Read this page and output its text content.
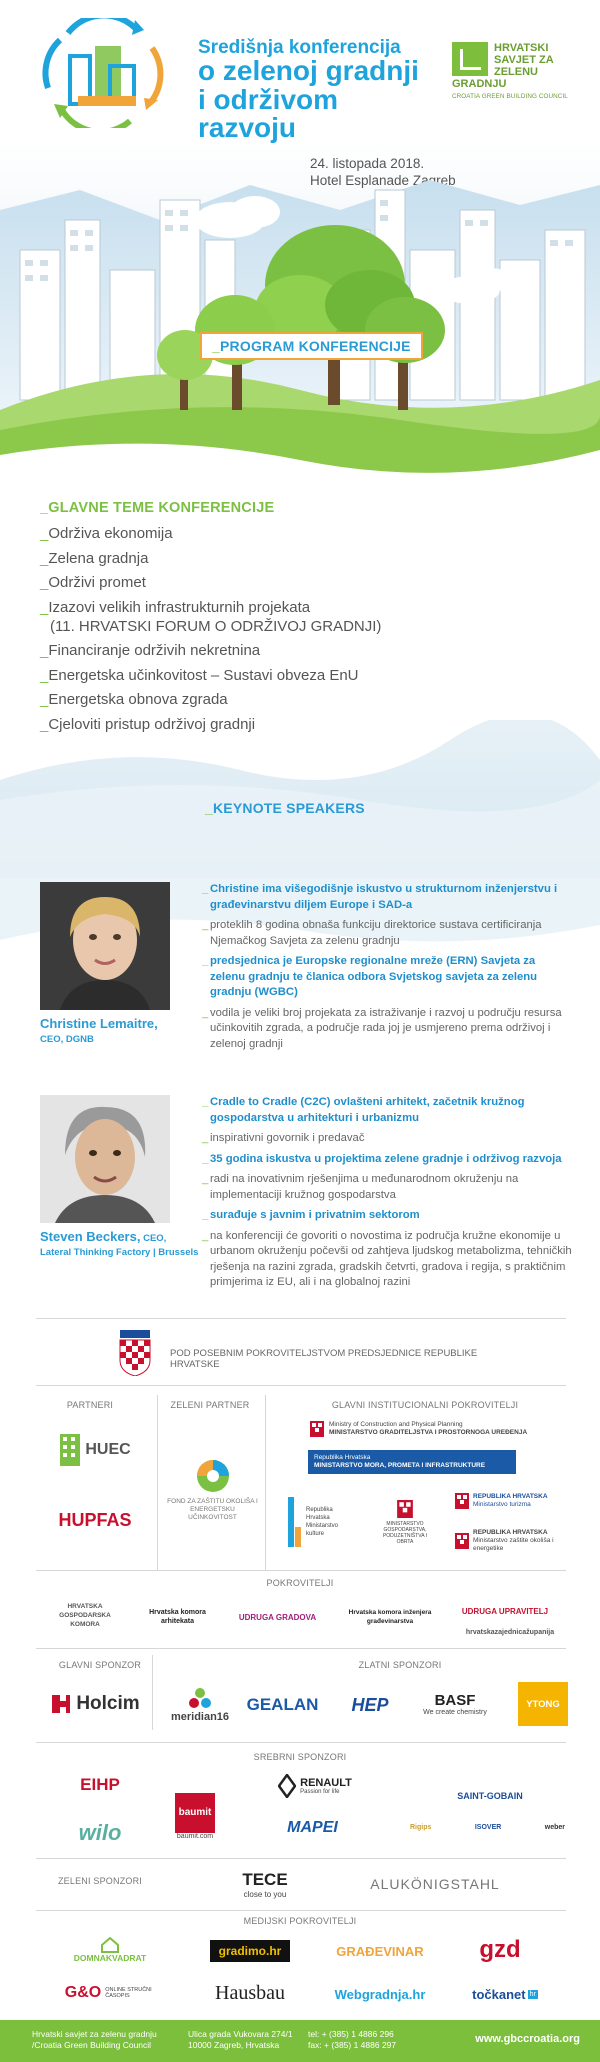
Središnja konferencija
o zelenoj gradnji
i održivom razvoju
HRVATSKI
SAVJET ZA
ZELENU
GRADNJU
CROATIA GREEN BUILDING COUNCIL
24. listopada 2018.
Hotel Esplanade Zagreb
_PROGRAM KONFERENCIJE
_GLAVNE TEME KONFERENCIJE
_Održiva ekonomija
_Zelena gradnja
_Održivi promet
_Izazovi velikih infrastrukturnih projekata
(11. HRVATSKI FORUM O ODRŽIVOJ GRADNJI)
_Financiranje održivih nekretnina
_Energetska učinkovitost – Sustavi obveza EnU
_Energetska obnova zgrada
_Cjeloviti pristup održivoj gradnji
_KEYNOTE SPEAKERS
Christine Lemaitre,
CEO, DGNB
_ Christine ima višegodišnje iskustvo u strukturnom inženjerstvu i građevinarstvu diljem Europe i SAD-a
_ proteklih 8 godina obnaša funkciju direktorice sustava certificiranja Njemačkog Savjeta za zelenu gradnju
_ predsjednica je Europske regionalne mreže (ERN) Savjeta za zelenu gradnju te članica odbora Svjetskog savjeta za zelenu gradnju (WGBC)
_ vodila je veliki broj projekata za istraživanje i razvoj u području resursa učinkovitih zgrada, a područje rada joj je usmjereno prema održivoj i zelenoj gradnji
Steven Beckers, CEO,
Lateral Thinking Factory | Brussels
_ Cradle to Cradle (C2C) ovlašteni arhitekt, začetnik kružnog gospodarstva u arhitekturi i urbanizmu
_ inspirativni govornik i predavač
_ 35 godina iskustva u projektima zelene gradnje i održivog razvoja
_ radi na inovativnim rješenjima u međunarodnom okruženju na implementaciji kružnog gospodarstva
_ surađuje s javnim i privatnim sektorom
_ na konferenciji će govoriti o novostima iz područja kružne ekonomije u urbanom okruženju počevši od zahtjeva ljudskog metabolizma, tehničkih rješenja na razini zgrada, gradskih četvrti, gradova i regija, s praktičnim primjerima iz EU, ali i na globalnoj razini
POD POSEBNIM POKROVITELJSTVOM PREDSJEDNICE REPUBLIKE HRVATSKE
PARTNERI	ZELENI PARTNER	GLAVNI INSTITUCIONALNI POKROVITELJI
HUEC
HUPFAS
FOND ZA ZAŠTITU OKOLIŠA I ENERGETSKU UČINKOVITOST
Ministry of Construction and Physical Planning
MINISTARSTVO GRADITELJSTVA I PROSTORNOGA UREĐENJA
Republika Hrvatska
MINISTARSTVO MORA, PROMETA I INFRASTRUKTURE
Republika Hrvatska Ministarstvo kulture
MINISTARSTVO GOSPODARSTVA, PODUZETNIŠTVA I OBRTA
REPUBLIKA HRVATSKA
Ministarstvo turizma
REPUBLIKA HRVATSKA
Ministarstvo zaštite okoliša i energetike
POKROVITELJI
HRVATSKA GOSPODARSKA KOMORA
Hrvatska komora arhitekata	UDRUGA GRADOVA	Hrvatska komora inženjera građevinarstva
UDRUGA UPRAVITELJ
hrvatskazajednicažupanija
GLAVNI SPONZOR	ZLATNI SPONZORI
Holcim
meridian16
GEALAN HEP	BASF
We create chemistry
YTONG
SREBRNI SPONZORI
EIHP
wilo
baumit
baumit.com
RENAULT
Passion for life
MAPEI
SAINT-GOBAIN
Rigips	ISOVER	weber
ZELENI SPONZORI	TECE
close to you
ALUKÖNIGSTAHL
MEDIJSKI POKROVITELJI
DOMNAKVADRAT	gradimo.hr	GRAĐEVINAR gzd
G&O ONLINE STRUČNI ČASOPIS	Hausbau	Webgradnja.hr	točkanet hr
Hrvatski savjet za zelenu gradnju
/Croatia Green Building Council
Ulica grada Vukovara 274/1
10000 Zagreb, Hrvatska
tel: + (385) 1 4886 296
fax: + (385) 1 4886 297	www.gbccroatia.org
